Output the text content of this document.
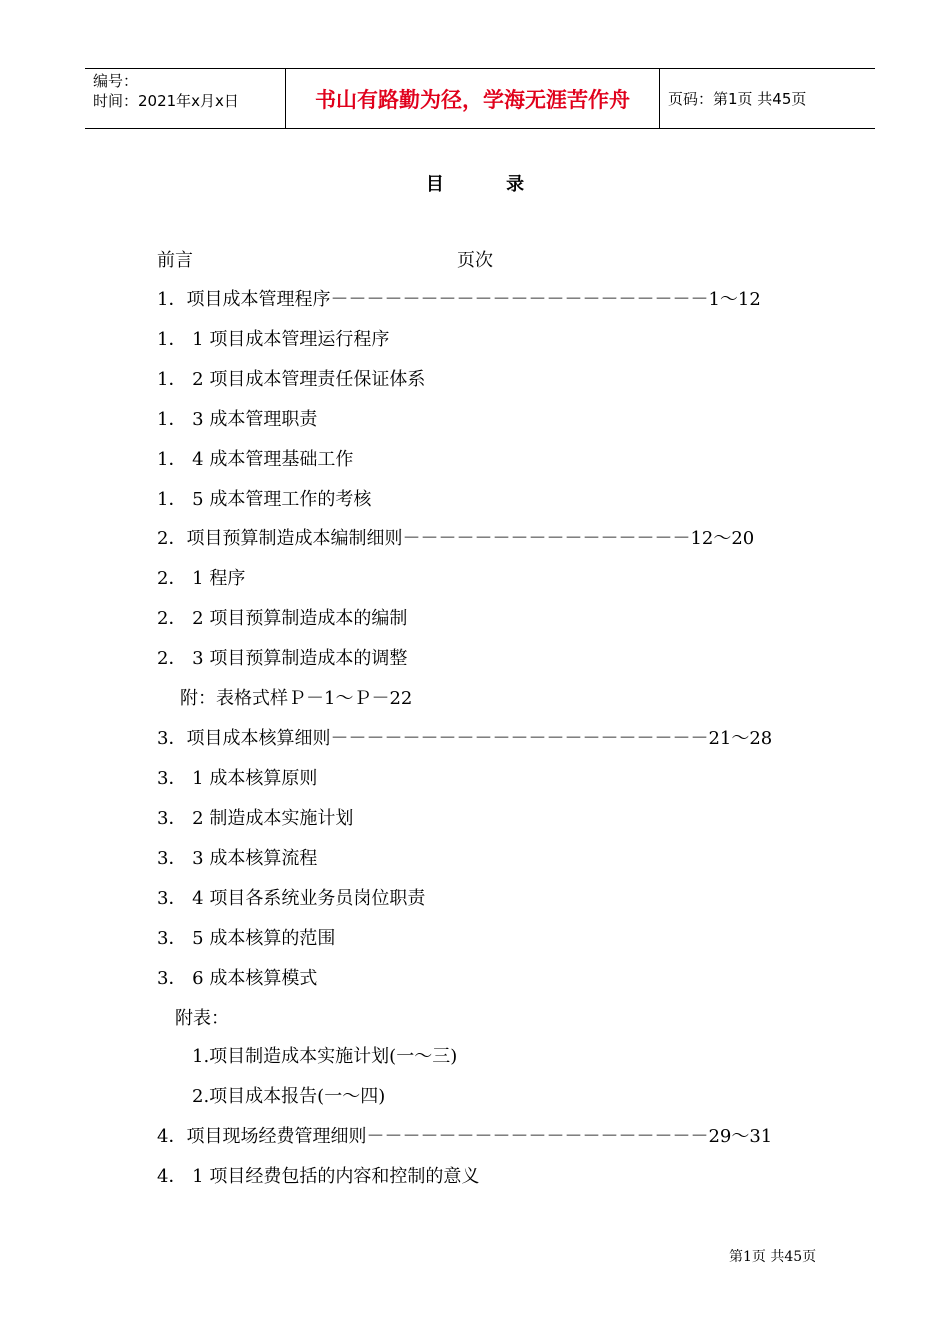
编号：
时间：2021年x月x日	书山有路勤为径，学海无涯苦作舟	页码：第1页 共45页
目 录
前言	页次
1．项目成本管理程序－－－－－－－－－－－－－－－－－－－－－1～12
1． 1 项目成本管理运行程序
1． 2 项目成本管理责任保证体系
1． 3 成本管理职责
1． 4 成本管理基础工作
1． 5 成本管理工作的考核
2．项目预算制造成本编制细则－－－－－－－－－－－－－－－－12～20
2． 1 程序
2． 2 项目预算制造成本的编制
2． 3 项目预算制造成本的调整
附：表格式样Ｐ－1～Ｐ－22
3．项目成本核算细则－－－－－－－－－－－－－－－－－－－－－21～28
3． 1 成本核算原则
3． 2 制造成本实施计划
3． 3 成本核算流程
3． 4 项目各系统业务员岗位职责
3． 5 成本核算的范围
3． 6 成本核算模式
附表：
1.项目制造成本实施计划(一～三)
2.项目成本报告(一～四)
4．项目现场经费管理细则－－－－－－－－－－－－－－－－－－－29～31
4． 1 项目经费包括的内容和控制的意义
第1页 共45页
